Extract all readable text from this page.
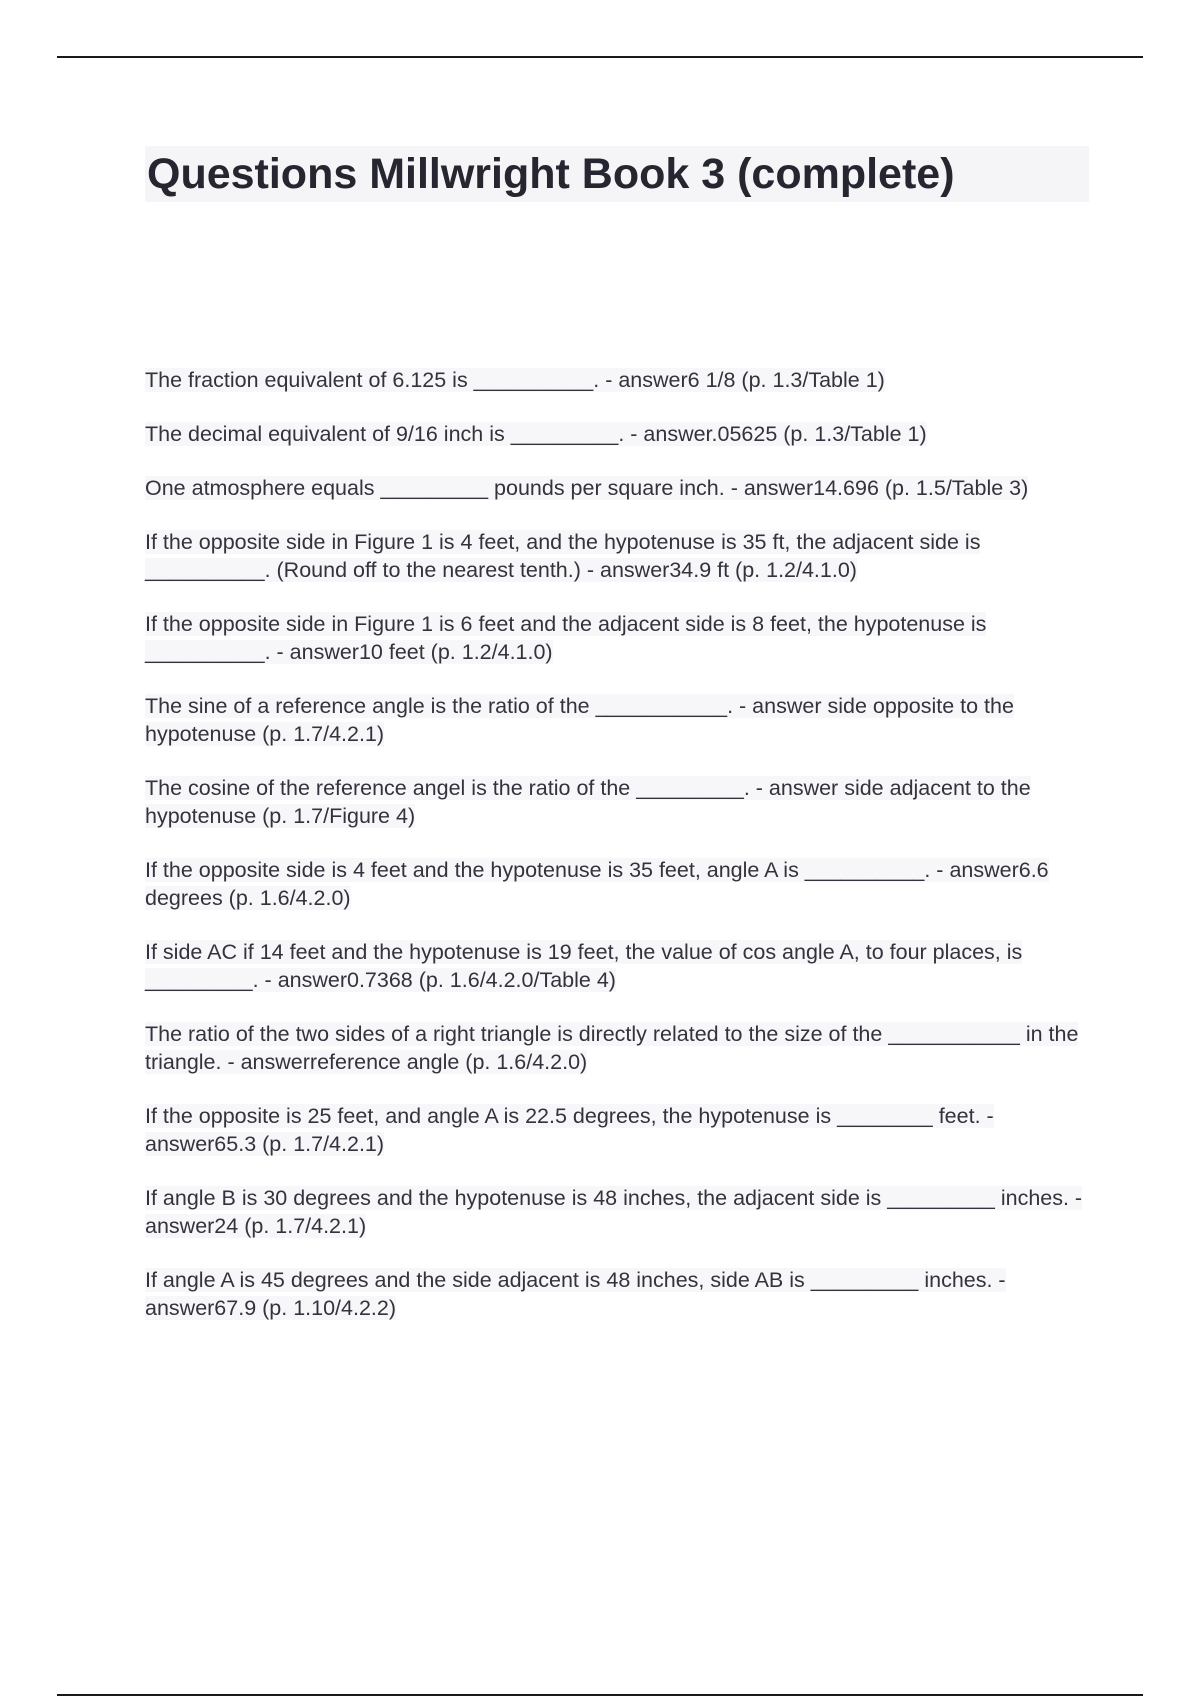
Questions Millwright Book 3 (complete)
The fraction equivalent of 6.125 is __________. - answer6 1/8 (p. 1.3/Table 1)
The decimal equivalent of 9/16 inch is _________. - answer.05625 (p. 1.3/Table 1)
One atmosphere equals _________ pounds per square inch. - answer14.696 (p. 1.5/Table 3)
If the opposite side in Figure 1 is 4 feet, and the hypotenuse is 35 ft, the adjacent side is __________. (Round off to the nearest tenth.) - answer34.9 ft (p. 1.2/4.1.0)
If the opposite side in Figure 1 is 6 feet and the adjacent side is 8 feet, the hypotenuse is __________. - answer10 feet (p. 1.2/4.1.0)
The sine of a reference angle is the ratio of the ___________. - answer side opposite to the hypotenuse (p. 1.7/4.2.1)
The cosine of the reference angel is the ratio of the _________. - answer side adjacent to the hypotenuse (p. 1.7/Figure 4)
If the opposite side is 4 feet and the hypotenuse is 35 feet, angle A is __________. - answer6.6 degrees (p. 1.6/4.2.0)
If side AC if 14 feet and the hypotenuse is 19 feet, the value of cos angle A, to four places, is _________. - answer0.7368 (p. 1.6/4.2.0/Table 4)
The ratio of the two sides of a right triangle is directly related to the size of the ___________ in the triangle. - answerreference angle (p. 1.6/4.2.0)
If the opposite is 25 feet, and angle A is 22.5 degrees, the hypotenuse is ________ feet. - answer65.3 (p. 1.7/4.2.1)
If angle B is 30 degrees and the hypotenuse is 48 inches, the adjacent side is _________ inches. - answer24 (p. 1.7/4.2.1)
If angle A is 45 degrees and the side adjacent is 48 inches, side AB is _________ inches. - answer67.9 (p. 1.10/4.2.2)
